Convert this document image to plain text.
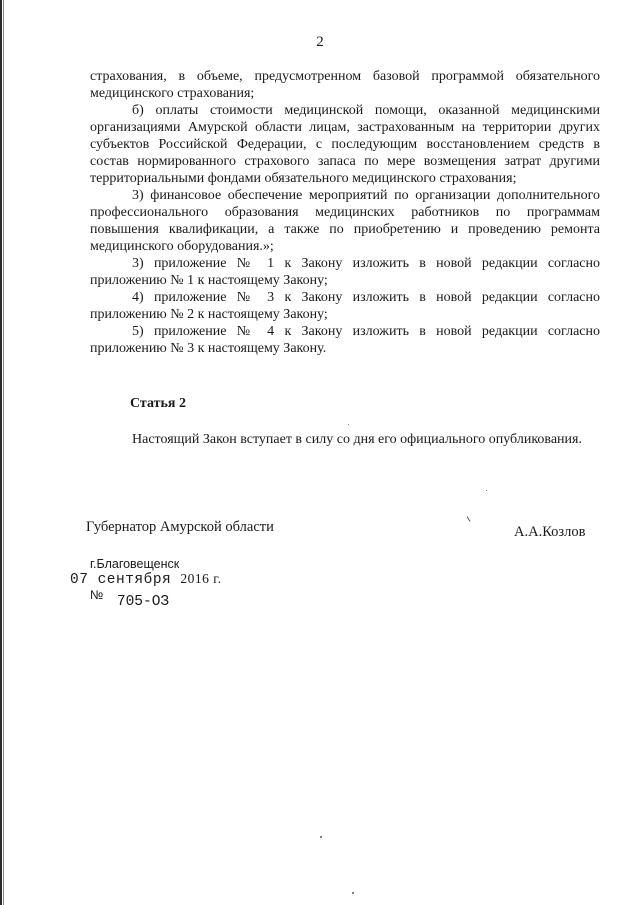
2

страхования, в объеме, предусмотренном базовой программой обязательного медицинского страхования;

б) оплаты стоимости медицинской помощи, оказанной медицинскими организациями Амурской области лицам, застрахованным на территории других субъектов Российской Федерации, с последующим восстановлением средств в состав нормированного страхового запаса по мере возмещения затрат другими территориальными фондами обязательного медицинского страхования;

3) финансовое обеспечение мероприятий по организации дополнительного профессионального образования медицинских работников по программам повышения квалификации, а также по приобретению и проведению ремонта медицинского оборудования.»;

3) приложение № 1 к Закону изложить в новой редакции согласно приложению № 1 к настоящему Закону;

4) приложение № 3 к Закону изложить в новой редакции согласно приложению № 2 к настоящему Закону;

5) приложение № 4 к Закону изложить в новой редакции согласно приложению № 3 к настоящему Закону.

Статья 2

Настоящий Закон вступает в силу со дня его официального опубликования.

Губернатор Амурской области	А.А.Козлов
г.Благовещенск
07 сентября 2016 г.
№ 705-ОЗ
